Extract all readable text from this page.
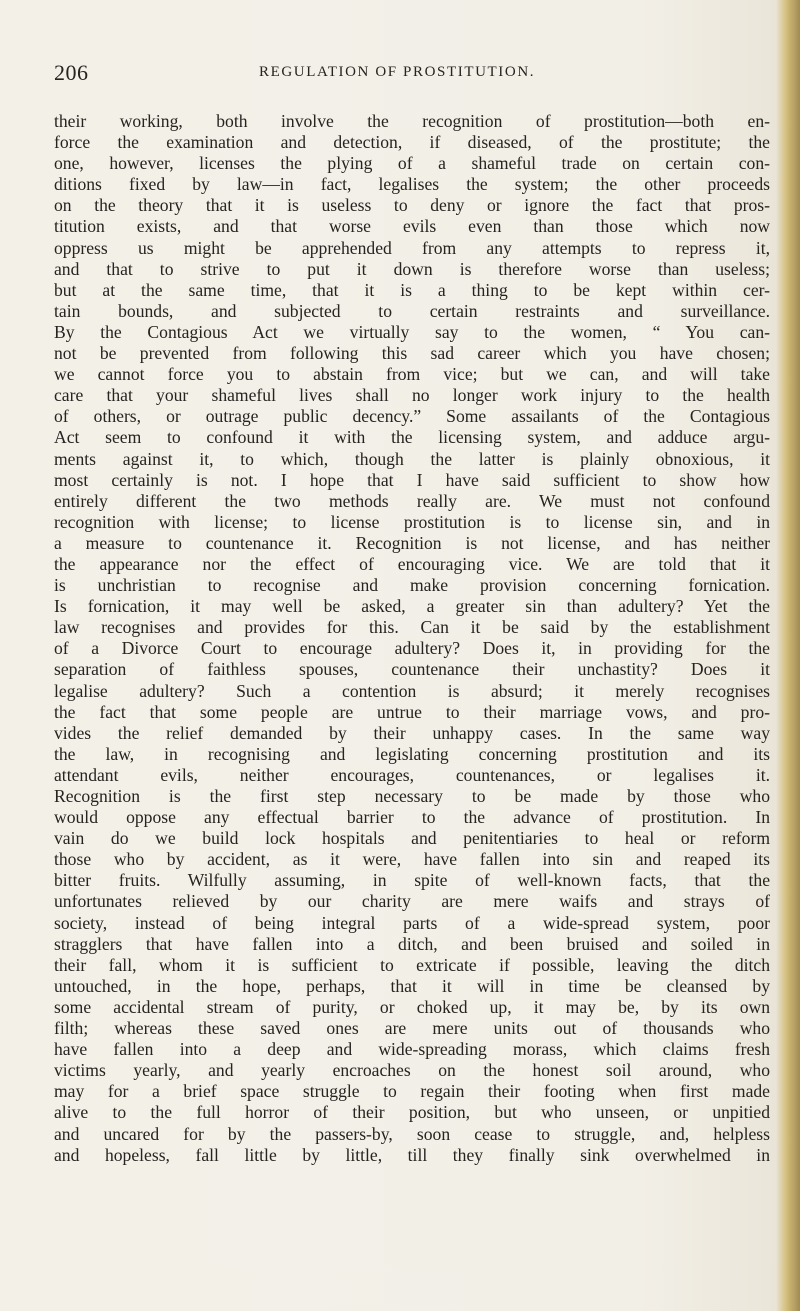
206	REGULATION OF PROSTITUTION.
their working, both involve the recognition of prostitution—both en-
force the examination and detection, if diseased, of the prostitute; the
one, however, licenses the plying of a shameful trade on certain con-
ditions fixed by law—in fact, legalises the system; the other proceeds
on the theory that it is useless to deny or ignore the fact that pros-
titution exists, and that worse evils even than those which now
oppress us might be apprehended from any attempts to repress it,
and that to strive to put it down is therefore worse than useless;
but at the same time, that it is a thing to be kept within cer-
tain bounds, and subjected to certain restraints and surveillance.
By the Contagious Act we virtually say to the women, “ You can-
not be prevented from following this sad career which you have chosen;
we cannot force you to abstain from vice; but we can, and will take
care that your shameful lives shall no longer work injury to the health
of others, or outrage public decency.” Some assailants of the Contagious
Act seem to confound it with the licensing system, and adduce argu-
ments against it, to which, though the latter is plainly obnoxious, it
most certainly is not. I hope that I have said sufficient to show how
entirely different the two methods really are. We must not confound
recognition with license; to license prostitution is to license sin, and in
a measure to countenance it. Recognition is not license, and has neither
the appearance nor the effect of encouraging vice. We are told that it
is unchristian to recognise and make provision concerning fornication.
Is fornication, it may well be asked, a greater sin than adultery? Yet the
law recognises and provides for this. Can it be said by the establishment
of a Divorce Court to encourage adultery? Does it, in providing for the
separation of faithless spouses, countenance their unchastity? Does it
legalise adultery? Such a contention is absurd; it merely recognises
the fact that some people are untrue to their marriage vows, and pro-
vides the relief demanded by their unhappy cases. In the same way
the law, in recognising and legislating concerning prostitution and its
attendant evils, neither encourages, countenances, or legalises it.
Recognition is the first step necessary to be made by those who
would oppose any effectual barrier to the advance of prostitution. In
vain do we build lock hospitals and penitentiaries to heal or reform
those who by accident, as it were, have fallen into sin and reaped its
bitter fruits. Wilfully assuming, in spite of well-known facts, that the
unfortunates relieved by our charity are mere waifs and strays of
society, instead of being integral parts of a wide-spread system, poor
stragglers that have fallen into a ditch, and been bruised and soiled in
their fall, whom it is sufficient to extricate if possible, leaving the ditch
untouched, in the hope, perhaps, that it will in time be cleansed by
some accidental stream of purity, or choked up, it may be, by its own
filth; whereas these saved ones are mere units out of thousands who
have fallen into a deep and wide-spreading morass, which claims fresh
victims yearly, and yearly encroaches on the honest soil around, who
may for a brief space struggle to regain their footing when first made
alive to the full horror of their position, but who unseen, or unpitied
and uncared for by the passers-by, soon cease to struggle, and, helpless
and hopeless, fall little by little, till they finally sink overwhelmed in
